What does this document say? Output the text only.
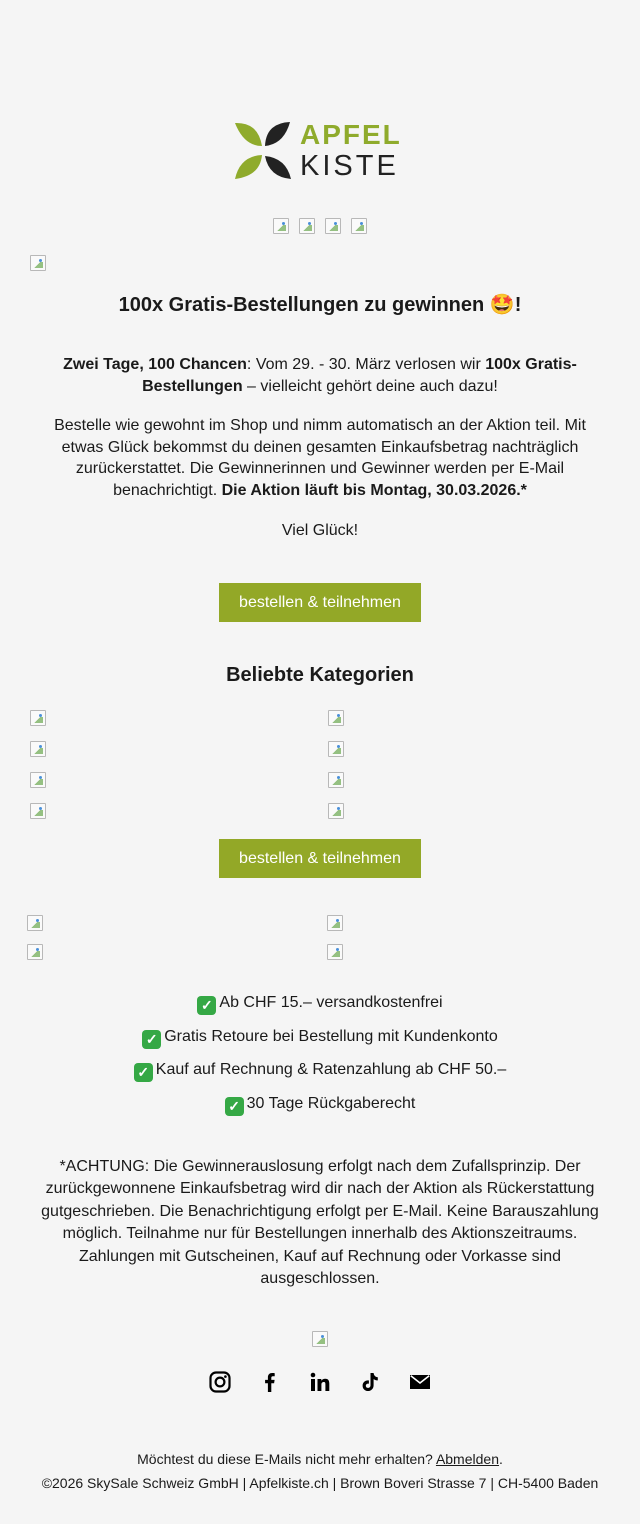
APFEL
KISTE
100x Gratis-Bestellungen zu gewinnen 🤩!
Zwei Tage, 100 Chancen: Vom 29. - 30. März verlosen wir 100x Gratis-Bestellungen – vielleicht gehört deine auch dazu!
Bestelle wie gewohnt im Shop und nimm automatisch an der Aktion teil. Mit etwas Glück bekommst du deinen gesamten Einkaufsbetrag nachträglich zurückerstattet. Die Gewinnerinnen und Gewinner werden per E-Mail benachrichtigt. Die Aktion läuft bis Montag, 30.03.2026.*
Viel Glück!
bestellen & teilnehmen
Beliebte Kategorien
bestellen & teilnehmen
✓ Ab CHF 15.– versandkostenfrei
✓ Gratis Retoure bei Bestellung mit Kundenkonto
✓ Kauf auf Rechnung & Ratenzahlung ab CHF 50.–
✓ 30 Tage Rückgaberecht
*ACHTUNG: Die Gewinnerauslosung erfolgt nach dem Zufallsprinzip. Der zurückgewonnene Einkaufsbetrag wird dir nach der Aktion als Rückerstattung gutgeschrieben. Die Benachrichtigung erfolgt per E-Mail. Keine Barauszahlung möglich. Teilnahme nur für Bestellungen innerhalb des Aktionszeitraums. Zahlungen mit Gutscheinen, Kauf auf Rechnung oder Vorkasse sind ausgeschlossen.
Möchtest du diese E-Mails nicht mehr erhalten? Abmelden.
©2026 SkySale Schweiz GmbH | Apfelkiste.ch | Brown Boveri Strasse 7 | CH-5400 Baden
